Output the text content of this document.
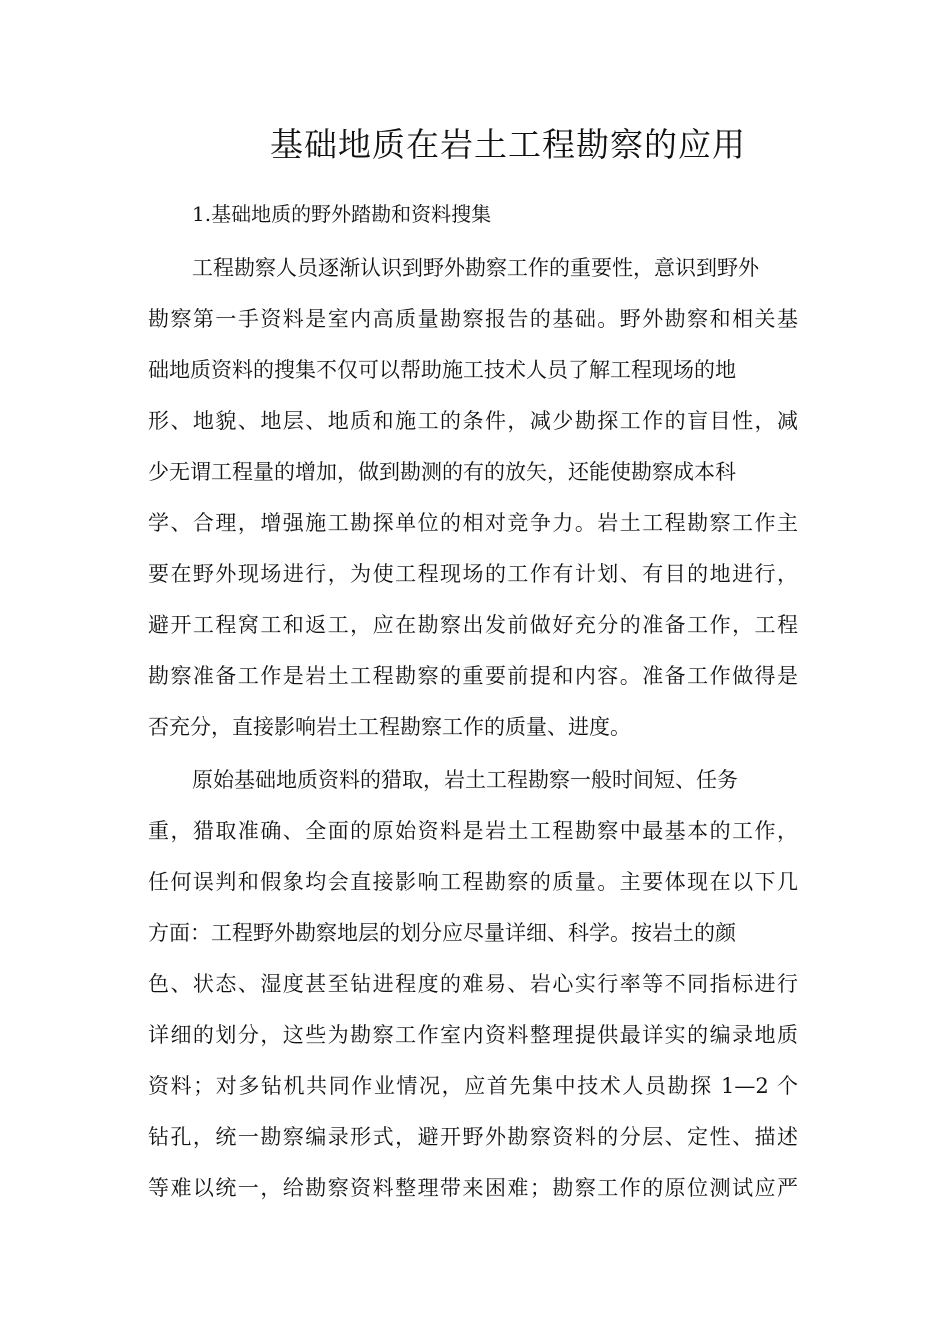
基础地质在岩土工程勘察的应用
1.基础地质的野外踏勘和资料搜集
工程勘察人员逐渐认识到野外勘察工作的重要性，意识到野外
勘察第一手资料是室内高质量勘察报告的基础。野外勘察和相关基
础地质资料的搜集不仅可以帮助施工技术人员了解工程现场的地
形、地貌、地层、地质和施工的条件，减少勘探工作的盲目性，减
少无谓工程量的增加，做到勘测的有的放矢，还能使勘察成本科
学、合理，增强施工勘探单位的相对竞争力。岩土工程勘察工作主
要在野外现场进行，为使工程现场的工作有计划、有目的地进行，
避开工程窝工和返工，应在勘察出发前做好充分的准备工作，工程
勘察准备工作是岩土工程勘察的重要前提和内容。准备工作做得是
否充分，直接影响岩土工程勘察工作的质量、进度。
原始基础地质资料的猎取，岩土工程勘察一般时间短、任务
重，猎取准确、全面的原始资料是岩土工程勘察中最基本的工作，
任何误判和假象均会直接影响工程勘察的质量。主要体现在以下几
方面：工程野外勘察地层的划分应尽量详细、科学。按岩土的颜
色、状态、湿度甚至钻进程度的难易、岩心实行率等不同指标进行
详细的划分，这些为勘察工作室内资料整理提供最详实的编录地质
资料；对多钻机共同作业情况，应首先集中技术人员勘探 1—2 个
钻孔，统一勘察编录形式，避开野外勘察资料的分层、定性、描述
等难以统一，给勘察资料整理带来困难；勘察工作的原位测试应严
